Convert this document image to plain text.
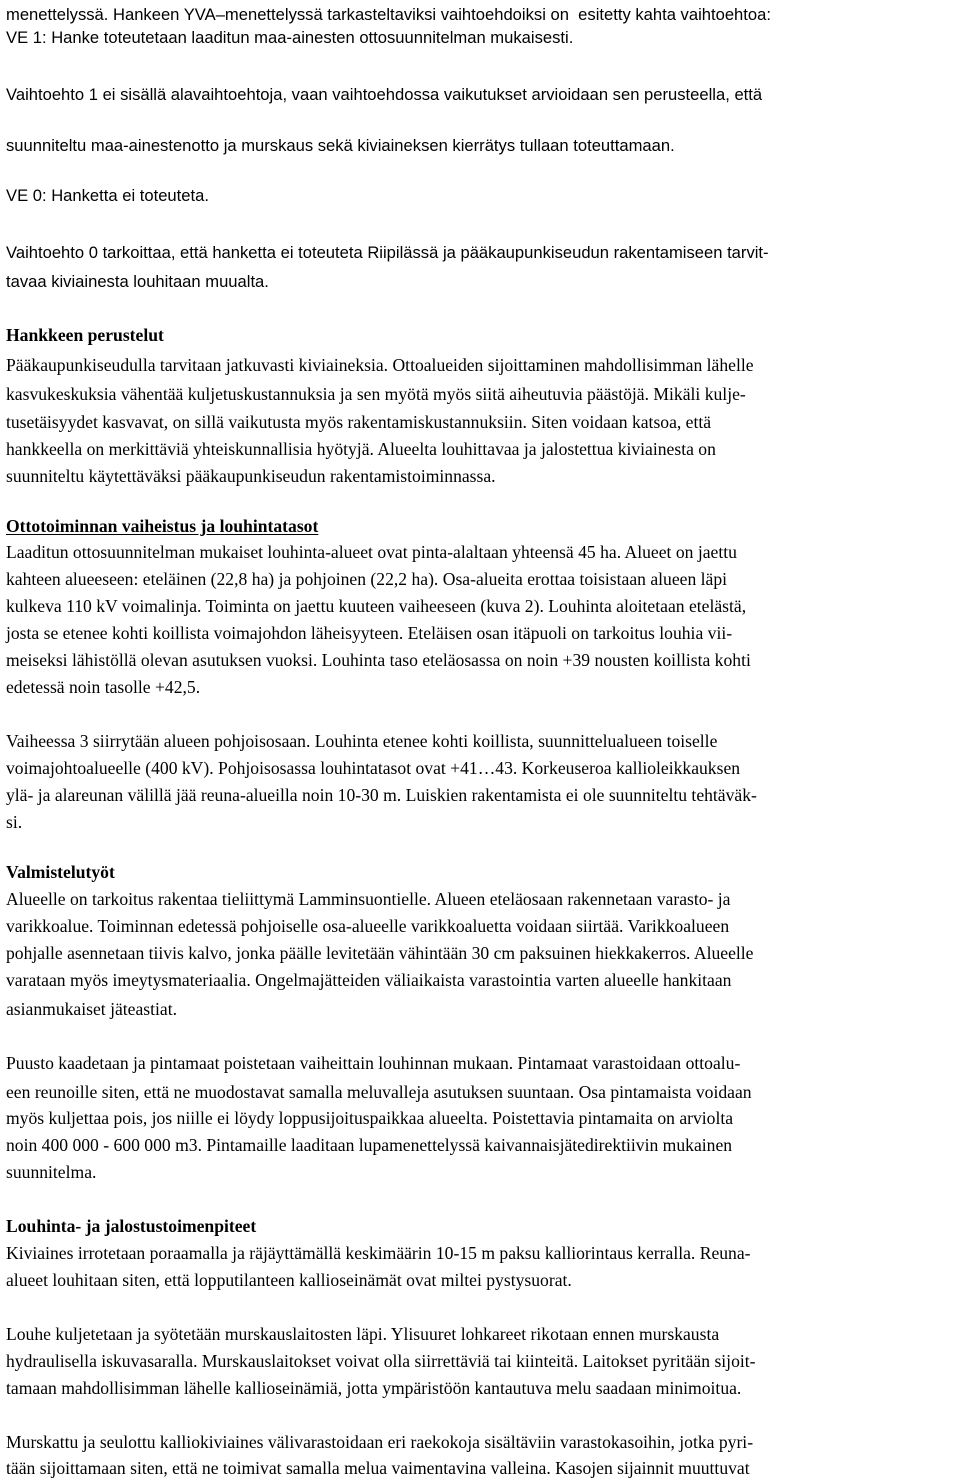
menettelyssä. Hankeen YVA–menettelyssä tarkasteltaviksi vaihtoehdoiksi on  esitetty kahta vaihtoehtoa:
VE 1: Hanke toteutetaan laaditun maa-ainesten ottosuunnitelman mukaisesti.
Vaihtoehto 1 ei sisällä alavaihtoehtoja, vaan vaihtoehdossa vaikutukset arvioidaan sen perusteella, että
suunniteltu maa-ainestenotto ja murskaus sekä kiviaineksen kierrätys tullaan toteuttamaan.
VE 0: Hanketta ei toteuteta.
Vaihtoehto 0 tarkoittaa, että hanketta ei toteuteta Riipilässä ja pääkaupunkiseudun rakentamiseen tarvit-
tavaa kiviainesta louhitaan muualta.
Hankkeen perustelut
Pääkaupunkiseudulla tarvitaan jatkuvasti kiviaineksia. Ottoalueiden sijoittaminen mahdollisimman lähelle
kasvukeskuksia vähentää kuljetuskustannuksia ja sen myötä myös siitä aiheutuvia päästöjä. Mikäli kulje-
tusetäisyydet kasvavat, on sillä vaikutusta myös rakentamiskustannuksiin. Siten voidaan katsoa, että
hankkeella on merkittäviä yhteiskunnallisia hyötyjä. Alueelta louhittavaa ja jalostettua kiviainesta on
suunniteltu käytettäväksi pääkaupunkiseudun rakentamistoiminnassa.
Ottotoiminnan vaiheistus ja louhintatasot
Laaditun ottosuunnitelman mukaiset louhinta-alueet ovat pinta-alaltaan yhteensä 45 ha. Alueet on jaettu
kahteen alueeseen: eteläinen (22,8 ha) ja pohjoinen (22,2 ha). Osa-alueita erottaa toisistaan alueen läpi
kulkeva 110 kV voimalinja. Toiminta on jaettu kuuteen vaiheeseen (kuva 2). Louhinta aloitetaan etelästä,
josta se etenee kohti koillista voimajohdon läheisyyteen. Eteläisen osan itäpuoli on tarkoitus louhia vii-
meiseksi lähistöllä olevan asutuksen vuoksi. Louhinta taso eteläosassa on noin +39 nousten koillista kohti
edetessä noin tasolle +42,5.
Vaiheessa 3 siirrytään alueen pohjoisosaan. Louhinta etenee kohti koillista, suunnittelualueen toiselle
voimajohtoalueelle (400 kV). Pohjoisosassa louhintatasot ovat +41…43. Korkeuseroa kallioleikkauksen
ylä- ja alareunan välillä jää reuna-alueilla noin 10-30 m. Luiskien rakentamista ei ole suunniteltu tehtäväk-
si.
Valmistelutyöt
Alueelle on tarkoitus rakentaa tieliittymä Lamminsuontielle. Alueen eteläosaan rakennetaan varasto- ja
varikkoalue. Toiminnan edetessä pohjoiselle osa-alueelle varikkoaluetta voidaan siirtää. Varikkoalueen
pohjalle asennetaan tiivis kalvo, jonka päälle levitetään vähintään 30 cm paksuinen hiekkakerros. Alueelle
varataan myös imeytysmateriaalia. Ongelmajätteiden väliaikaista varastointia varten alueelle hankitaan
asianmukaiset jäteastiat.
Puusto kaadetaan ja pintamaat poistetaan vaiheittain louhinnan mukaan. Pintamaat varastoidaan ottoalu-
een reunoille siten, että ne muodostavat samalla meluvalleja asutuksen suuntaan. Osa pintamaista voidaan
myös kuljettaa pois, jos niille ei löydy loppusijoituspaikkaa alueelta. Poistettavia pintamaita on arviolta
noin 400 000 - 600 000 m3. Pintamaille laaditaan lupamenettelyssä kaivannaisjätedirektiivin mukainen
suunnitelma.
Louhinta- ja jalostustoimenpiteet
Kiviaines irrotetaan poraamalla ja räjäyttämällä keskimäärin 10-15 m paksu kalliorintaus kerralla. Reuna-
alueet louhitaan siten, että lopputilanteen kallioseinämät ovat miltei pystysuorat.
Louhe kuljetetaan ja syötetään murskauslaitosten läpi. Ylisuuret lohkareet rikotaan ennen murskausta
hydraulisella iskuvasaralla. Murskauslaitokset voivat olla siirrettäviä tai kiinteitä. Laitokset pyritään sijoit-
tamaan mahdollisimman lähelle kallioseinämiä, jotta ympäristöön kantautuva melu saadaan minimoitua.
Murskattu ja seulottu kalliokiviaines välivarastoidaan eri raekokoja sisältäviin varastokasoihin, jotka pyri-
tään sijoittamaan siten, että ne toimivat samalla melua vaimentavina valleina. Kasojen sijainnit muuttuvat
